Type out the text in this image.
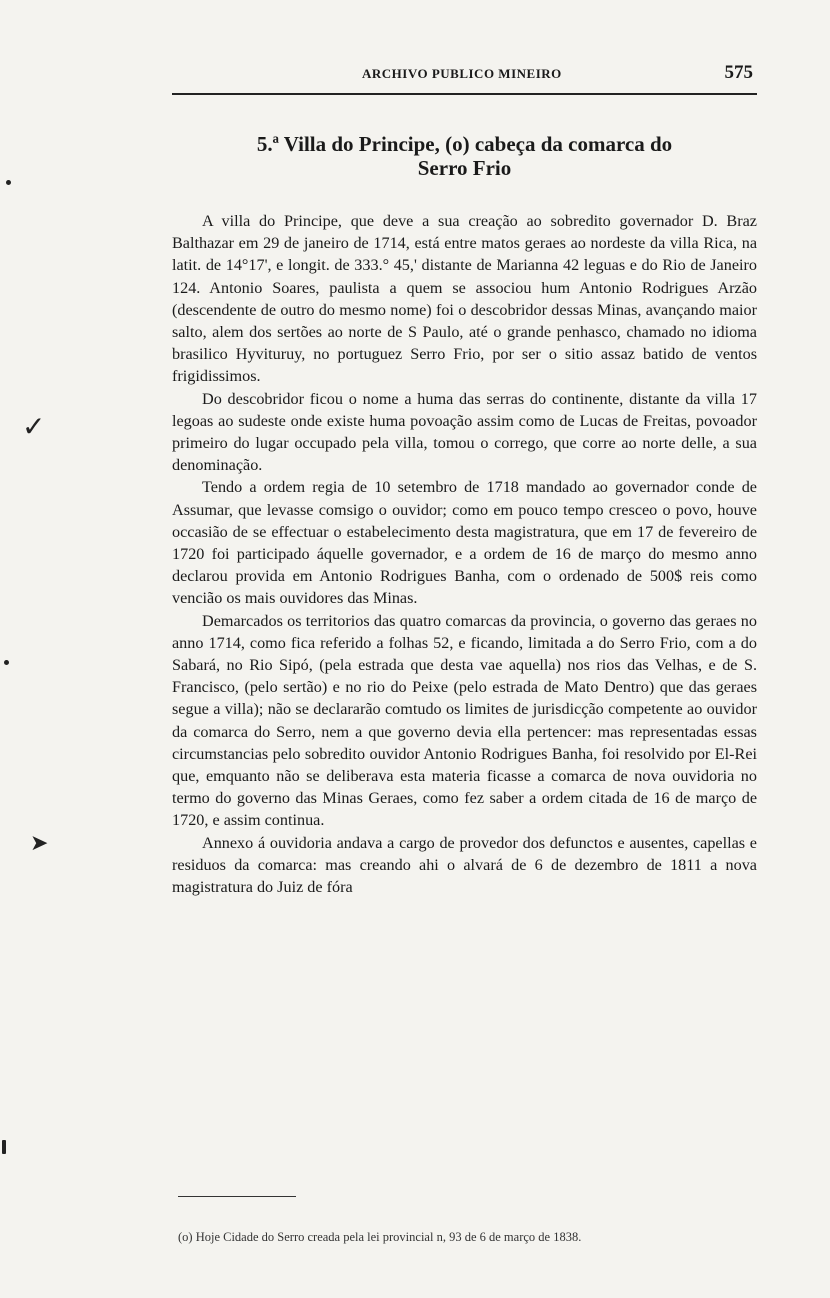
ARCHIVO PUBLICO MINEIRO	575
5.ª Villa do Principe, (o) cabeça da comarca do
Serro Frio

A villa do Principe, que deve a sua creação ao sobredito governador D. Braz Balthazar em 29 de janeiro de 1714, está entre matos geraes ao nordeste da villa Rica, na latit. de 14°17', e longit. de 333.° 45,' distante de Marianna 42 leguas e do Rio de Janeiro 124. Antonio Soares, paulista a quem se associou hum Antonio Rodrigues Arzão (descendente de outro do mesmo nome) foi o descobridor dessas Minas, avançando maior salto, alem dos sertões ao norte de S Paulo, até o grande penhasco, chamado no idioma brasilico Hyvituruy, no portuguez Serro Frio, por ser o sitio assaz batido de ventos frigidissimos.

Do descobridor ficou o nome a huma das serras do continente, distante da villa 17 legoas ao sudeste onde existe huma povoação assim como de Lucas de Freitas, povoador primeiro do lugar occupado pela villa, tomou o corrego, que corre ao norte delle, a sua denominação.

Tendo a ordem regia de 10 setembro de 1718 mandado ao governador conde de Assumar, que levasse comsigo o ouvidor; como em pouco tempo cresceo o povo, houve occasião de se effectuar o estabelecimento desta magistratura, que em 17 de fevereiro de 1720 foi participado áquelle governador, e a ordem de 16 de março do mesmo anno declarou provida em Antonio Rodrigues Banha, com o ordenado de 500$ reis como vencião os mais ouvidores das Minas.

Demarcados os territorios das quatro comarcas da provincia, o governo das geraes no anno 1714, como fica referido a folhas 52, e ficando, limitada a do Serro Frio, com a do Sabará, no Rio Sipó, (pela estrada que desta vae aquella) nos rios das Velhas, e de S. Francisco, (pelo sertão) e no rio do Peixe (pelo estrada de Mato Dentro) que das geraes segue a villa); não se declararão comtudo os limites de jurisdicção competente ao ouvidor da comarca do Serro, nem a que governo devia ella pertencer: mas representadas essas circumstancias pelo sobredito ouvidor Antonio Rodrigues Banha, foi resolvido por El-Rei que, emquanto não se deliberava esta materia ficasse a comarca de nova ouvidoria no termo do governo das Minas Geraes, como fez saber a ordem citada de 16 de março de 1720, e assim continua.

Annexo á ouvidoria andava a cargo de provedor dos defunctos e ausentes, capellas e residuos da comarca: mas creando ahi o alvará de 6 de dezembro de 1811 a nova magistratura do Juiz de fóra

(o) Hoje Cidade do Serro creada pela lei provincial n, 93 de 6 de março de 1838.
✓
➤
